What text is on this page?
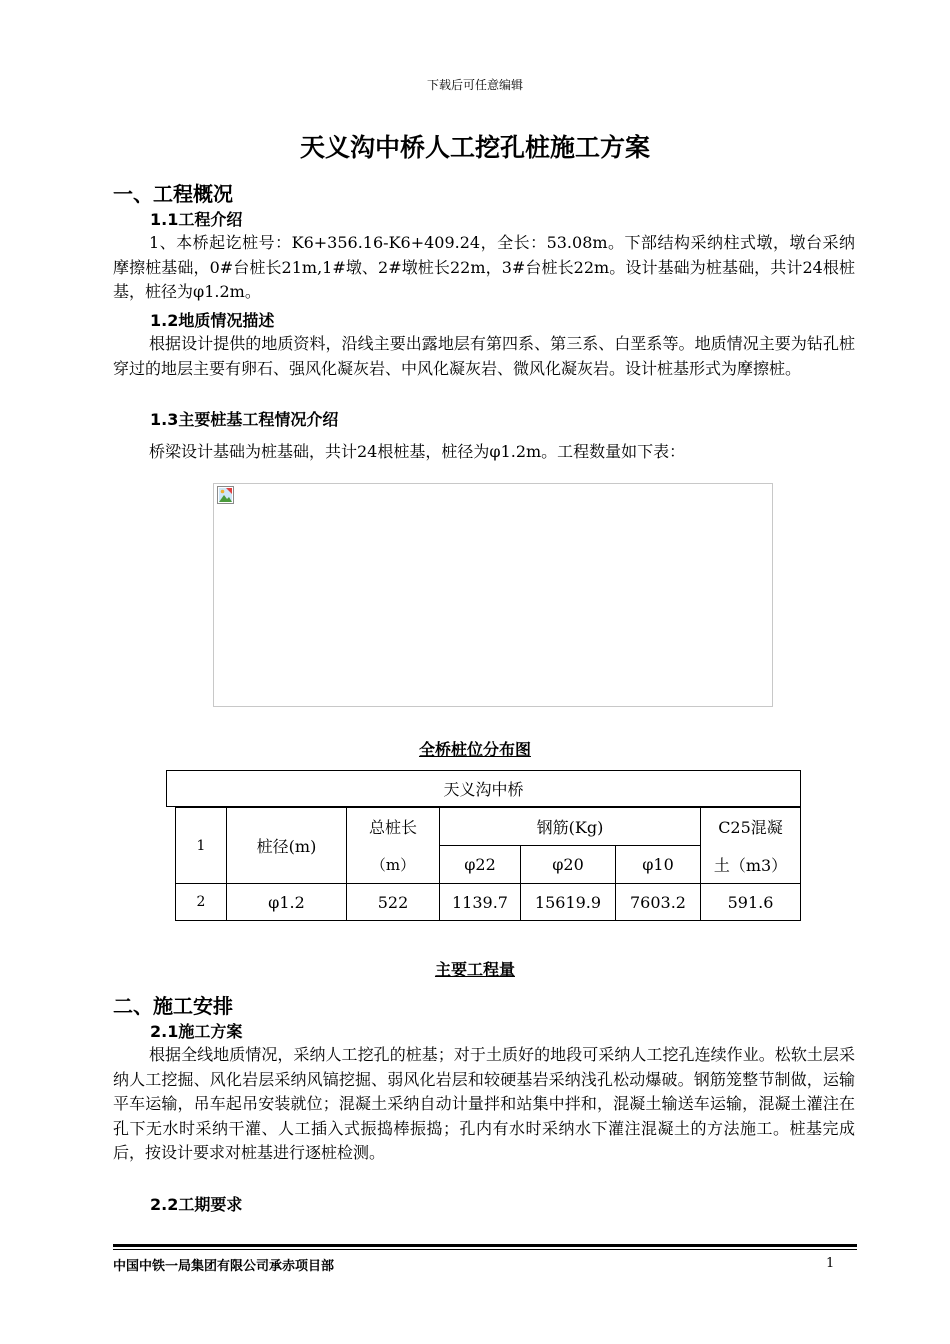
下载后可任意编辑
天义沟中桥人工挖孔桩施工方案
一、工程概况
1.1工程介绍
1、本桥起讫桩号：K6+356.16-K6+409.24，全长：53.08m。下部结构采纳柱式墩，墩台采纳摩擦桩基础，0#台桩长21m,1#墩、2#墩桩长22m，3#台桩长22m。设计基础为桩基础，共计24根桩基，桩径为φ1.2m。
1.2地质情况描述
根据设计提供的地质资料，沿线主要出露地层有第四系、第三系、白垩系等。地质情况主要为钻孔桩穿过的地层主要有卵石、强风化凝灰岩、中风化凝灰岩、微风化凝灰岩。设计桩基形式为摩擦桩。
1.3主要桩基工程情况介绍
桥梁设计基础为桩基础，共计24根桩基，桩径为φ1.2m。工程数量如下表：
全桥桩位分布图
天义沟中桥
1	桩径(m)	总桩长	钢筋(Kg)			C25混凝
		（m）	φ22	φ20	φ10	土（m3）
2	φ1.2	522	1139.7	15619.9	7603.2	591.6
主要工程量
二、施工安排
2.1施工方案
根据全线地质情况，采纳人工挖孔的桩基；对于土质好的地段可采纳人工挖孔连续作业。松软土层采纳人工挖掘、风化岩层采纳风镐挖掘、弱风化岩层和较硬基岩采纳浅孔松动爆破。钢筋笼整节制做，运输平车运输，吊车起吊安装就位；混凝土采纳自动计量拌和站集中拌和，混凝土输送车运输，混凝土灌注在孔下无水时采纳干灌、人工插入式振捣棒振捣；孔内有水时采纳水下灌注混凝土的方法施工。桩基完成后，按设计要求对桩基进行逐桩检测。
2.2工期要求
中国中铁一局集团有限公司承赤项目部	1
